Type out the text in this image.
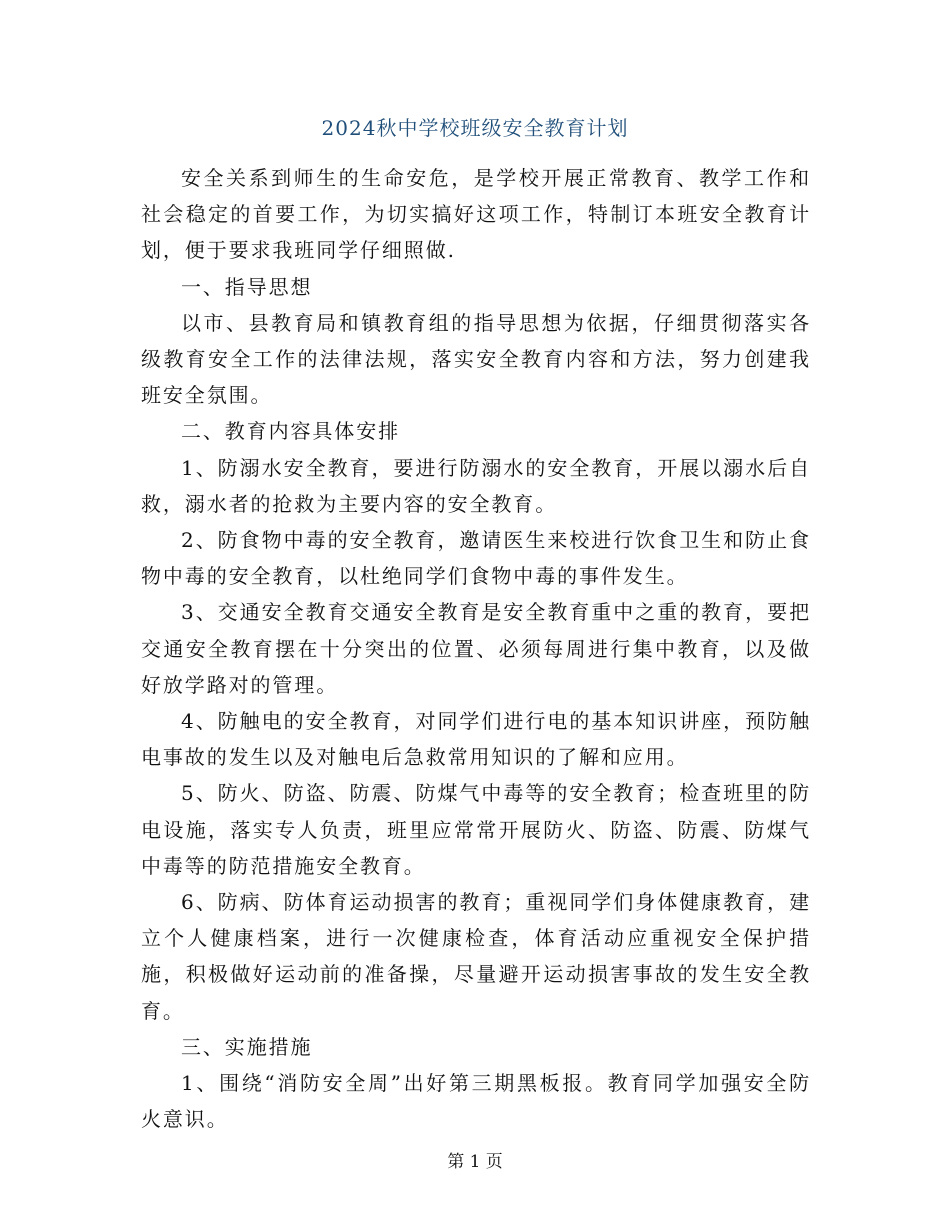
2024秋中学校班级安全教育计划

安全关系到师生的生命安危，是学校开展正常教育、教学工作和社会稳定的首要工作，为切实搞好这项工作，特制订本班安全教育计划，便于要求我班同学仔细照做.

一、指导思想

以市、县教育局和镇教育组的指导思想为依据，仔细贯彻落实各级教育安全工作的法律法规，落实安全教育内容和方法，努力创建我班安全氛围。

二、教育内容具体安排

1、防溺水安全教育，要进行防溺水的安全教育，开展以溺水后自救，溺水者的抢救为主要内容的安全教育。

2、防食物中毒的安全教育，邀请医生来校进行饮食卫生和防止食物中毒的安全教育，以杜绝同学们食物中毒的事件发生。

3、交通安全教育交通安全教育是安全教育重中之重的教育，要把交通安全教育摆在十分突出的位置、必须每周进行集中教育，以及做好放学路对的管理。

4、防触电的安全教育，对同学们进行电的基本知识讲座，预防触电事故的发生以及对触电后急救常用知识的了解和应用。

5、防火、防盗、防震、防煤气中毒等的安全教育；检查班里的防电设施，落实专人负责，班里应常常开展防火、防盗、防震、防煤气中毒等的防范措施安全教育。

6、防病、防体育运动损害的教育；重视同学们身体健康教育，建立个人健康档案，进行一次健康检查，体育活动应重视安全保护措施，积极做好运动前的准备操，尽量避开运动损害事故的发生安全教育。

三、实施措施

1、围绕“消防安全周”出好第三期黑板报。教育同学加强安全防火意识。

第 1 页
